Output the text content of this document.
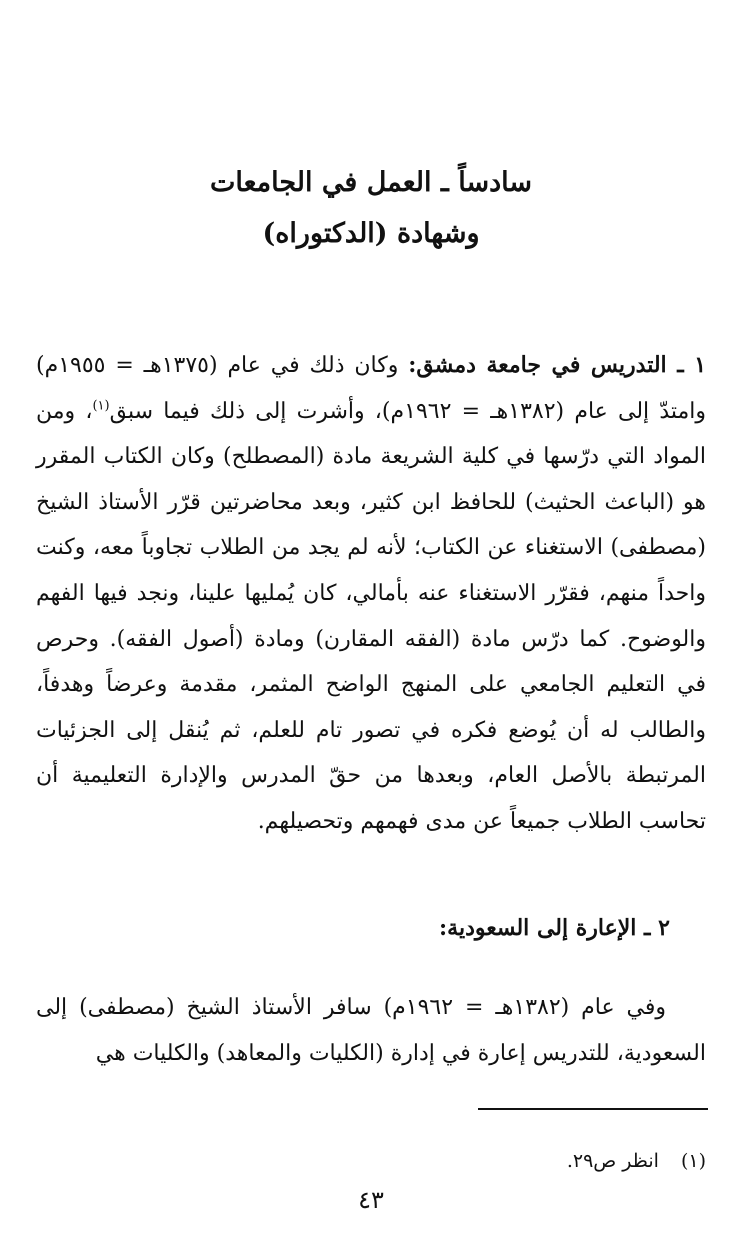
سادساً ـ العمل في الجامعات
وشهادة (الدكتوراه)

١ ـ التدريس في جامعة دمشق: وكان ذلك في عام (١٣٧٥هـ = ١٩٥٥م) وامتدّ إلى عام (١٣٨٢هـ = ١٩٦٢م)، وأشرت إلى ذلك فيما سبق$^{(١)}$، ومن المواد التي درّسها في كلية الشريعة مادة (المصطلح) وكان الكتاب المقرر هو (الباعث الحثيث) للحافظ ابن كثير، وبعد محاضرتين قرّر الأستاذ الشيخ (مصطفى) الاستغناء عن الكتاب؛ لأنه لم يجد من الطلاب تجاوباً معه، وكنت واحداً منهم، فقرّر الاستغناء عنه بأمالي، كان يُمليها علينا، ونجد فيها الفهم والوضوح. كما درّس مادة (الفقه المقارن) ومادة (أصول الفقه). وحرص في التعليم الجامعي على المنهج الواضح المثمر، مقدمة وعرضاً وهدفاً، والطالب له أن يُوضع فكره في تصور تام للعلم، ثم يُنقل إلى الجزئيات المرتبطة بالأصل العام، وبعدها من حقّ المدرس والإدارة التعليمية أن تحاسب الطلاب جميعاً عن مدى فهمهم وتحصيلهم.

٢ ـ الإعارة إلى السعودية:

وفي عام (١٣٨٢هـ = ١٩٦٢م) سافر الأستاذ الشيخ (مصطفى) إلى السعودية، للتدريس إعارة في إدارة (الكليات والمعاهد) والكليات هي

(١)انظر ص٢٩.
٤٣
